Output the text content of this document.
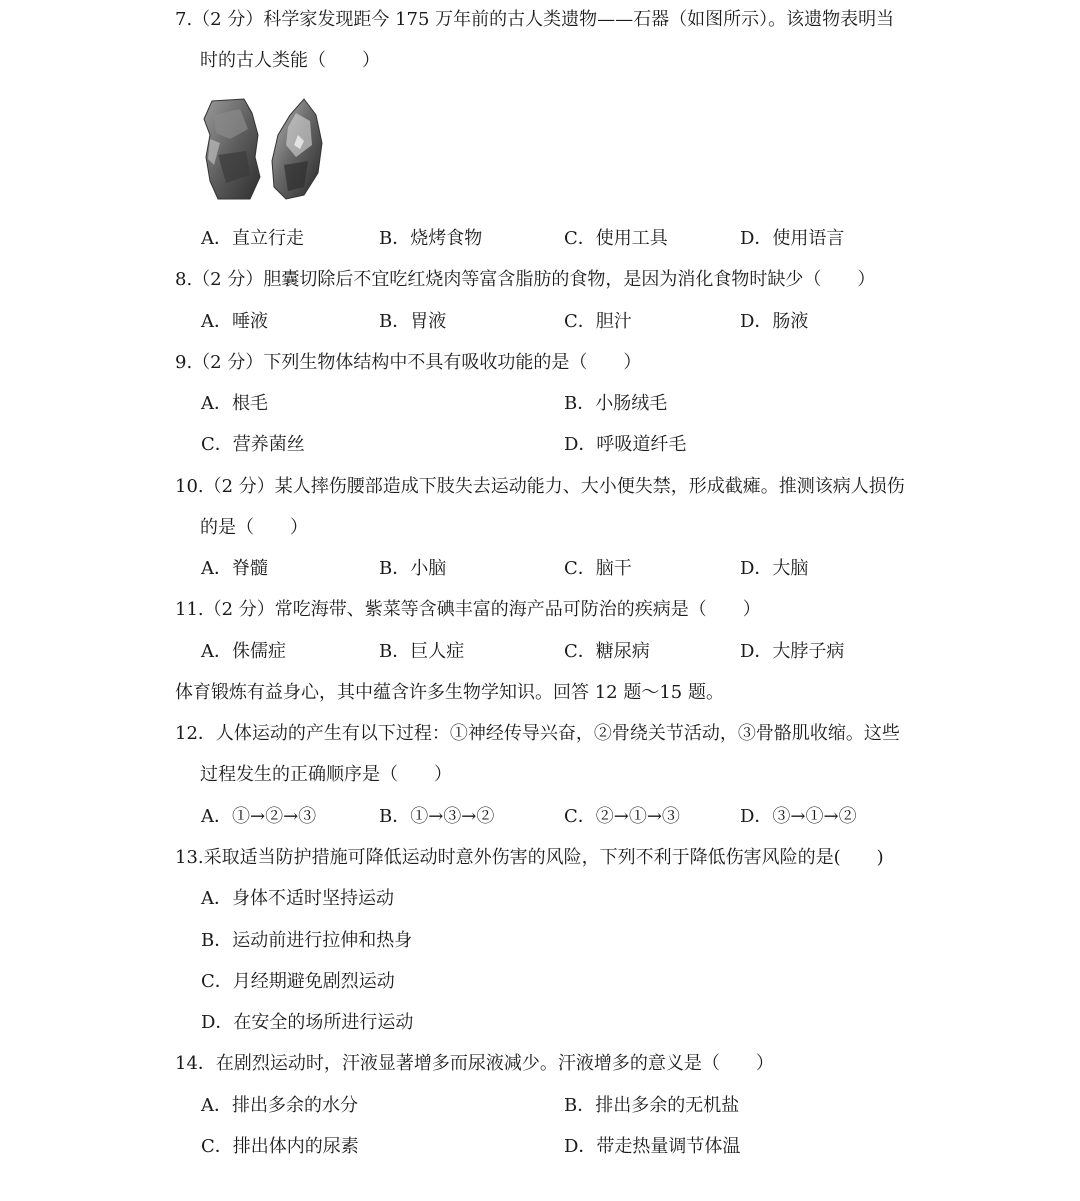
7.（2 分）科学家发现距今 175 万年前的古人类遗物——石器（如图所示）。该遗物表明当
时的古人类能（　　）
A．直立行走	B．烧烤食物	C．使用工具	D．使用语言
8.（2 分）胆囊切除后不宜吃红烧肉等富含脂肪的食物，是因为消化食物时缺少（　　）
A．唾液	B．胃液	C．胆汁	D．肠液
9.（2 分）下列生物体结构中不具有吸收功能的是（　　）
A．根毛	B．小肠绒毛
C．营养菌丝	D．呼吸道纤毛
10.（2 分）某人摔伤腰部造成下肢失去运动能力、大小便失禁，形成截瘫。推测该病人损伤
的是（　　）
A．脊髓	B．小脑	C．脑干	D．大脑
11.（2 分）常吃海带、紫菜等含碘丰富的海产品可防治的疾病是（　　）
A．侏儒症	B．巨人症	C．糖尿病	D．大脖子病
体育锻炼有益身心，其中蕴含许多生物学知识。回答 12 题～15 题。
12．人体运动的产生有以下过程：①神经传导兴奋，②骨绕关节活动，③骨骼肌收缩。这些
过程发生的正确顺序是（　　）
A．①→②→③	B．①→③→②	C．②→①→③	D．③→①→②
13.采取适当防护措施可降低运动时意外伤害的风险，下列不利于降低伤害风险的是(　　)
A．身体不适时坚持运动
B．运动前进行拉伸和热身
C．月经期避免剧烈运动
D．在安全的场所进行运动
14．在剧烈运动时，汗液显著增多而尿液减少。汗液增多的意义是（　　）
A．排出多余的水分	B．排出多余的无机盐
C．排出体内的尿素	D．带走热量调节体温
